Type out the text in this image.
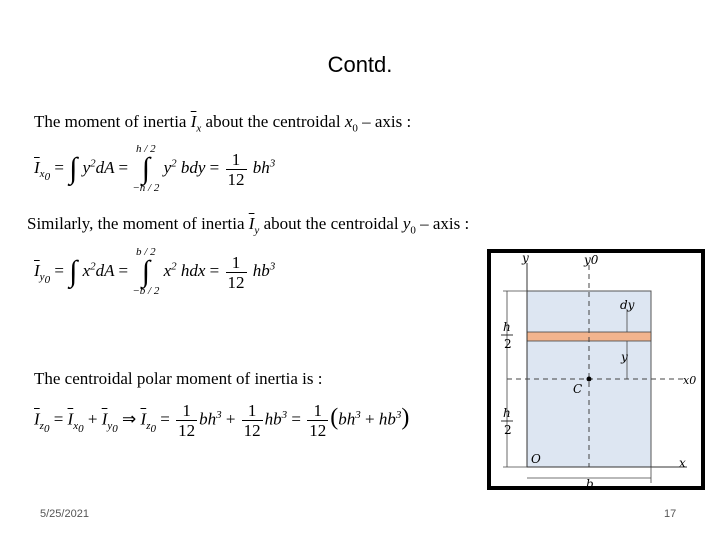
Contd.
The moment of inertia $\overline{I}_x$ about the centroidal $x_0$ – axis :
$\overline{I}_{x_0}$ = ∫ $y^2dA = h / 2$
∫
−h / 2 $y^2$ bdy = $\frac{1}{12} bh^3$
Similarly, the moment of inertia $\overline{I}_y$ about the centroidal $y_0$ – axis :
$\overline{I}_{y_0}$ = ∫ $x^2dA = b / 2$
∫
−b / 2 $x^2$ hdx = $\frac{1}{12} hb^3$
The centroidal polar moment of inertia is :
$\overline{I}_{z_0} = \overline{I}_{x_0} + \overline{I}_{y_0}$ ⇒ $\overline{I}_{z_0} = \frac{1}{12} bh^3 + \frac{1}{12} hb^3 = \frac{1}{12} (bh^3 + hb^3)$
y	y0
dy
y
C
x0
O	x
b
h
2
h
2
5/25/2021	17
